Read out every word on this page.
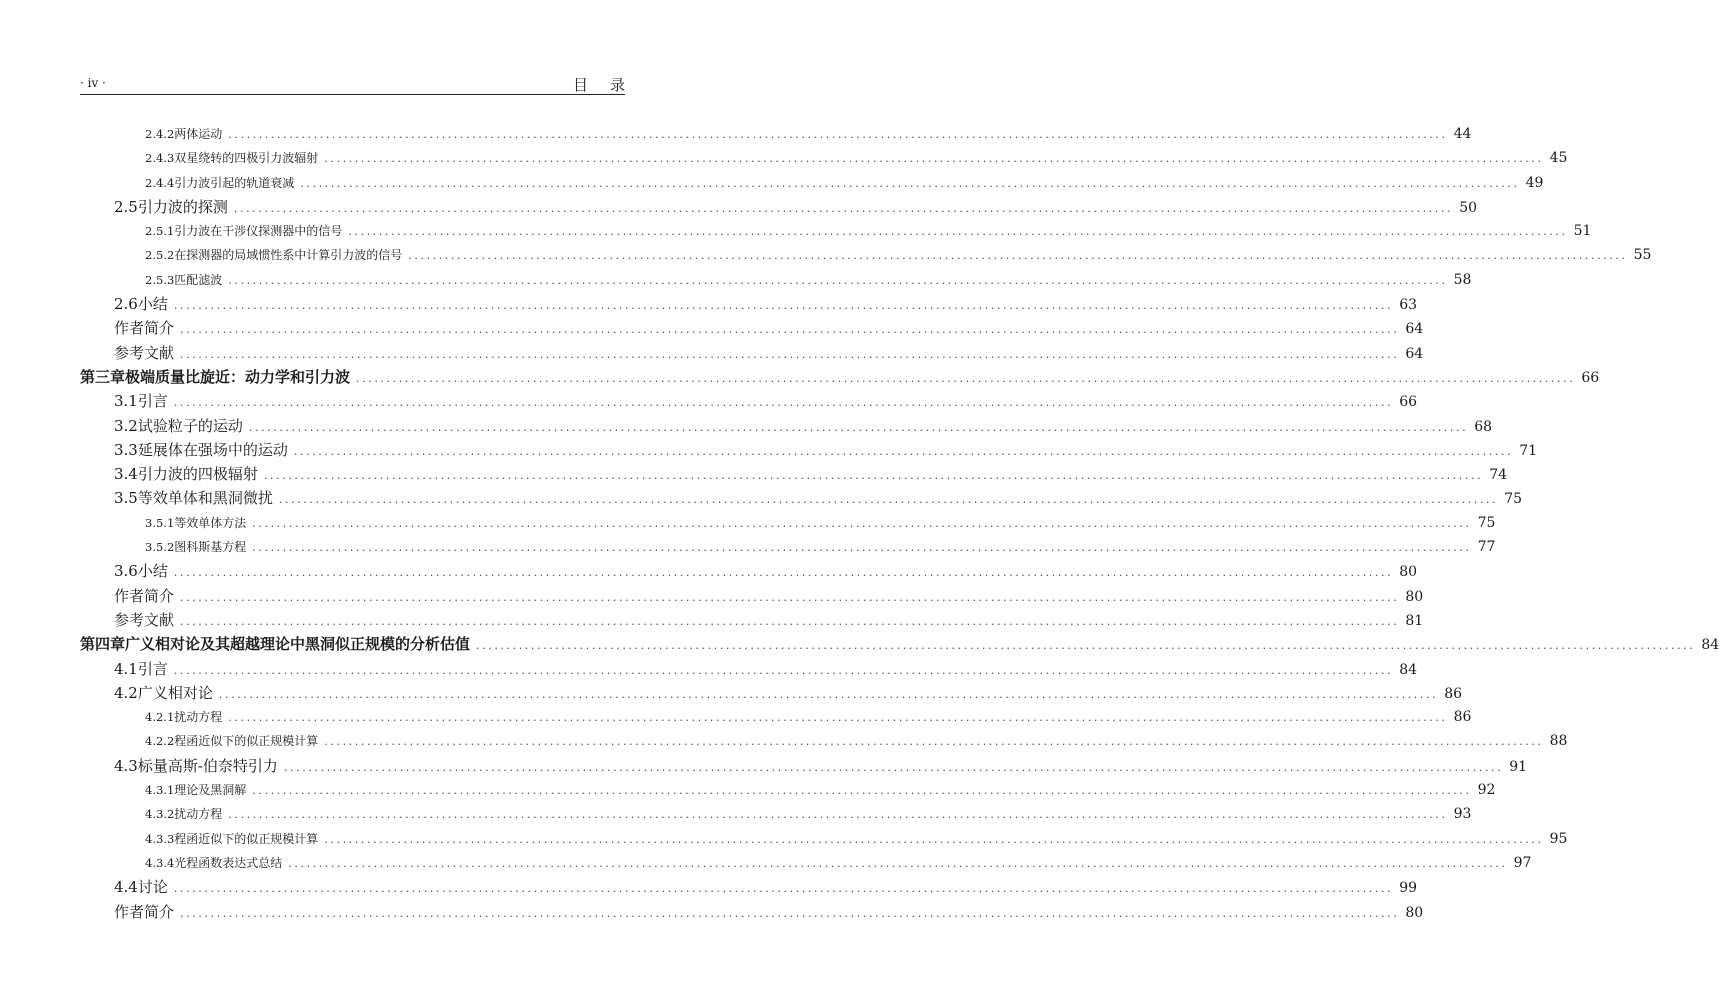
· iv ·	目录
2.4.2 两体运动 ........................................................................................................................................................................................................ 44
2.4.3 双星绕转的四极引力波辐射 ........................................................................................................................................................................................................ 45
2.4.4 引力波引起的轨道衰减 ........................................................................................................................................................................................................ 49
2.5 引力波的探测 ........................................................................................................................................................................................................ 50
2.5.1 引力波在干涉仪探测器中的信号 ........................................................................................................................................................................................................ 51
2.5.2 在探测器的局域惯性系中计算引力波的信号 ........................................................................................................................................................................................................ 55
2.5.3 匹配滤波 ........................................................................................................................................................................................................ 58
2.6 小结 ........................................................................................................................................................................................................ 63
作者简介 ........................................................................................................................................................................................................ 64
参考文献 ........................................................................................................................................................................................................ 64
第三章 极端质量比旋近：动力学和引力波 ........................................................................................................................................................................................................ 66
3.1 引言 ........................................................................................................................................................................................................ 66
3.2 试验粒子的运动 ........................................................................................................................................................................................................ 68
3.3 延展体在强场中的运动 ........................................................................................................................................................................................................ 71
3.4 引力波的四极辐射 ........................................................................................................................................................................................................ 74
3.5 等效单体和黑洞微扰 ........................................................................................................................................................................................................ 75
3.5.1 等效单体方法 ........................................................................................................................................................................................................ 75
3.5.2 图科斯基方程 ........................................................................................................................................................................................................ 77
3.6 小结 ........................................................................................................................................................................................................ 80
作者简介 ........................................................................................................................................................................................................ 80
参考文献 ........................................................................................................................................................................................................ 81
第四章 广义相对论及其超越理论中黑洞似正规模的分析估值 ........................................................................................................................................................................................................ 84
4.1 引言 ........................................................................................................................................................................................................ 84
4.2 广义相对论 ........................................................................................................................................................................................................ 86
4.2.1 扰动方程 ........................................................................................................................................................................................................ 86
4.2.2 程函近似下的似正规模计算 ........................................................................................................................................................................................................ 88
4.3 标量高斯-伯奈特引力 ........................................................................................................................................................................................................ 91
4.3.1 理论及黑洞解 ........................................................................................................................................................................................................ 92
4.3.2 扰动方程 ........................................................................................................................................................................................................ 93
4.3.3 程函近似下的似正规模计算 ........................................................................................................................................................................................................ 95
4.3.4 光程函数表达式总结 ........................................................................................................................................................................................................ 97
4.4 讨论 ........................................................................................................................................................................................................ 99
作者简介 ........................................................................................................................................................................................................ 80
